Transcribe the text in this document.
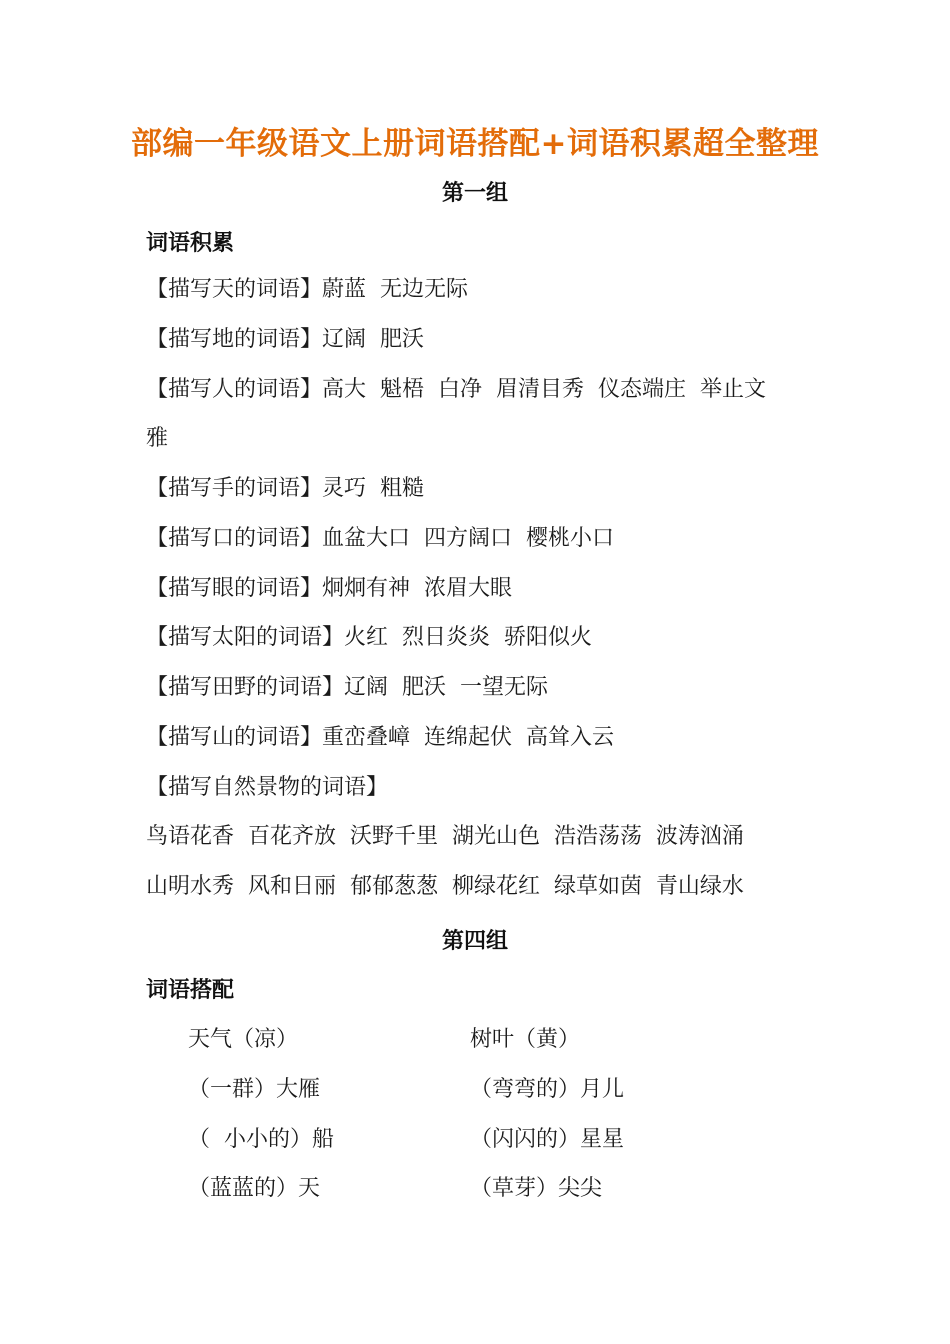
部编一年级语文上册词语搭配+词语积累超全整理
第一组
词语积累
【描写天的词语】蔚蓝  无边无际
【描写地的词语】辽阔  肥沃
【描写人的词语】高大  魁梧  白净  眉清目秀  仪态端庄  举止文
雅
【描写手的词语】灵巧  粗糙
【描写口的词语】血盆大口  四方阔口  樱桃小口
【描写眼的词语】炯炯有神  浓眉大眼
【描写太阳的词语】火红  烈日炎炎  骄阳似火
【描写田野的词语】辽阔  肥沃  一望无际
【描写山的词语】重峦叠嶂  连绵起伏  高耸入云
【描写自然景物的词语】
鸟语花香  百花齐放  沃野千里  湖光山色  浩浩荡荡  波涛汹涌
山明水秀  风和日丽  郁郁葱葱  柳绿花红  绿草如茵  青山绿水
第四组
词语搭配
天气（凉）	树叶（黄）
（一群）大雁	（弯弯的）月儿
（  小小的）船	（闪闪的）星星
（蓝蓝的）天	（草芽）尖尖
